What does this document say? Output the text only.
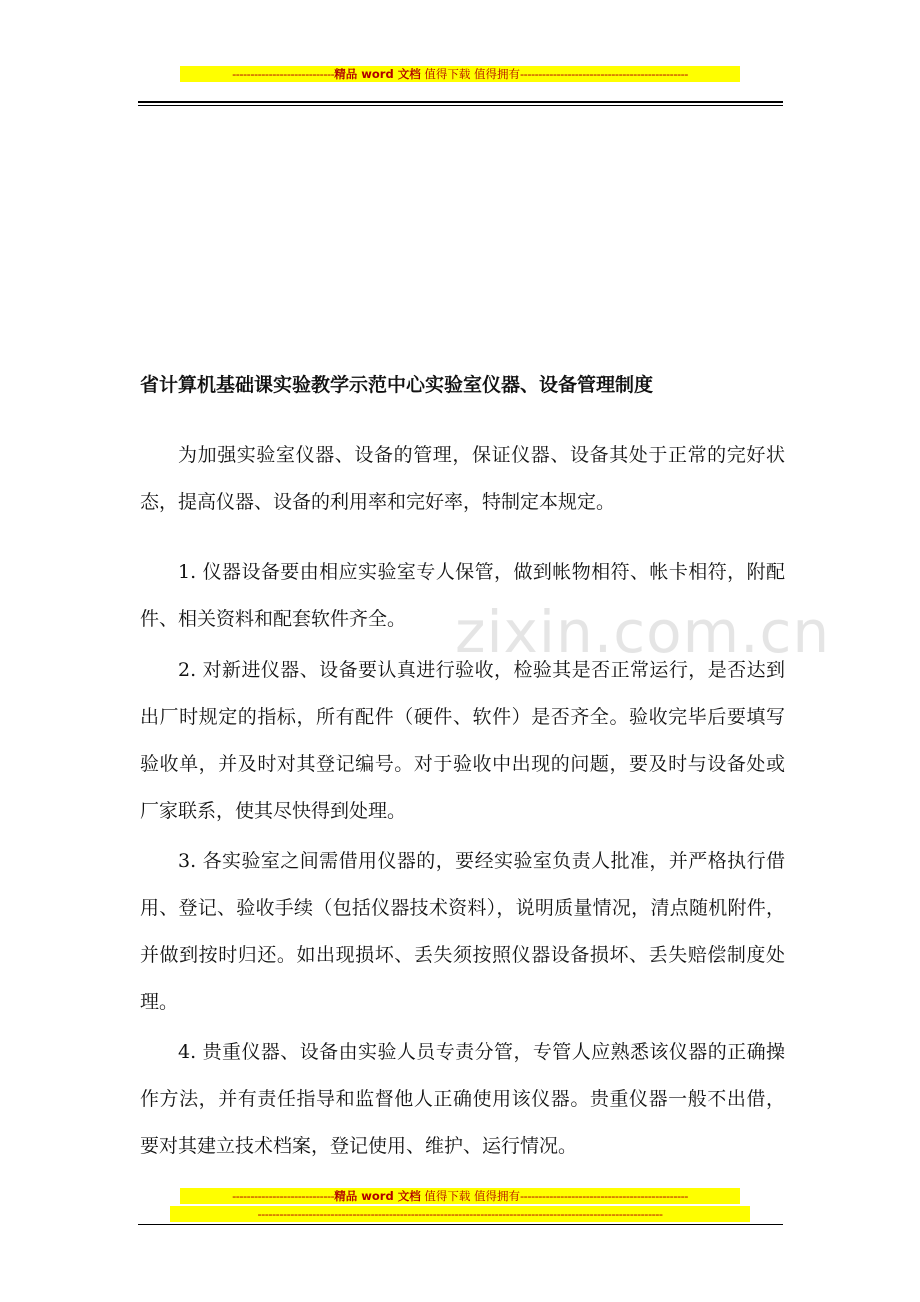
----------------------------精品 word 文档 值得下载 值得拥有----------------------------------------------
省计算机基础课实验教学示范中心实验室仪器、设备管理制度
为加强实验室仪器、设备的管理，保证仪器、设备其处于正常的完好状态，提高仪器、设备的利用率和完好率，特制定本规定。
zixin.com.cn
1. 仪器设备要由相应实验室专人保管，做到帐物相符、帐卡相符，附配件、相关资料和配套软件齐全。
2. 对新进仪器、设备要认真进行验收，检验其是否正常运行，是否达到出厂时规定的指标，所有配件（硬件、软件）是否齐全。验收完毕后要填写验收单，并及时对其登记编号。对于验收中出现的问题，要及时与设备处或厂家联系，使其尽快得到处理。
3. 各实验室之间需借用仪器的，要经实验室负责人批准，并严格执行借用、登记、验收手续（包括仪器技术资料），说明质量情况，清点随机附件，并做到按时归还。如出现损坏、丢失须按照仪器设备损坏、丢失赔偿制度处理。
4. 贵重仪器、设备由实验人员专责分管，专管人应熟悉该仪器的正确操作方法，并有责任指导和监督他人正确使用该仪器。贵重仪器一般不出借，要对其建立技术档案，登记使用、维护、运行情况。
----------------------------精品 word 文档 值得下载 值得拥有----------------------------------------------
---------------------------------------------------------------------------------------------------------------
